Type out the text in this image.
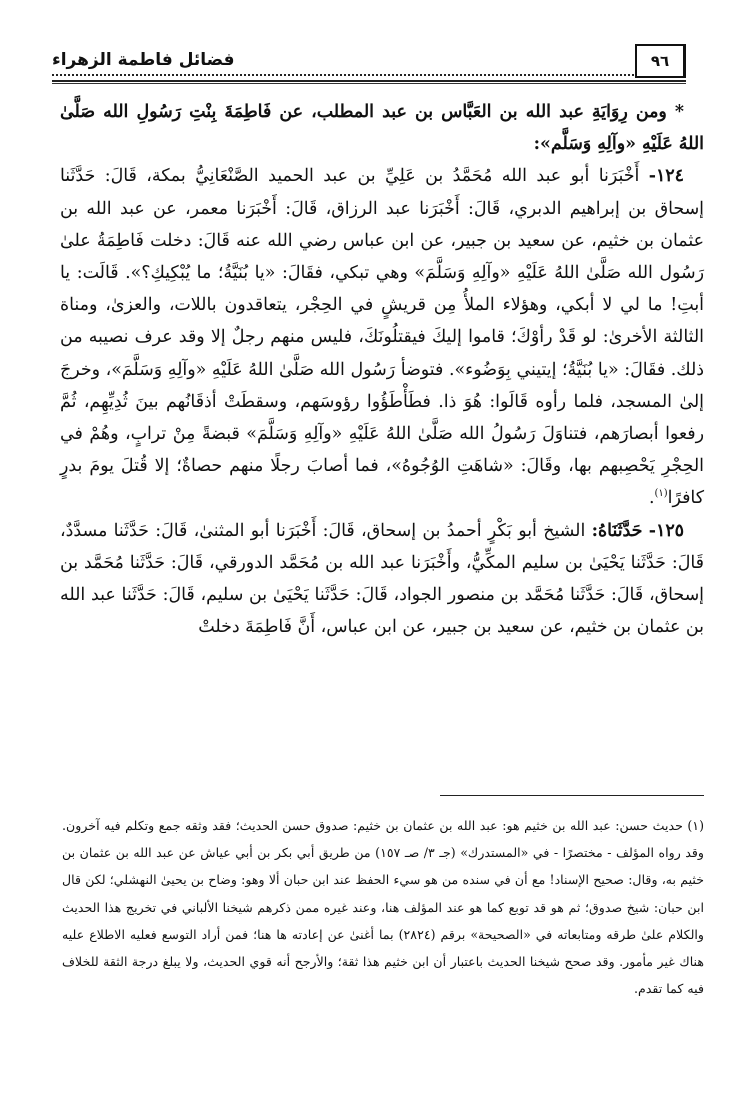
فضائل فاطمة الزهراء	٩٦

* ومن رِوَايَةِ عبد الله بن العَبَّاس بن عبد المطلب، عن فَاطِمَةَ بِنْتِ رَسُولِ الله صَلَّىٰ اللهُ عَلَيْهِ «وآلِهِ وَسَلَّم»:

١٢٤- أَخْبَرَنا أبو عبد الله مُحَمَّدُ بن عَلِيِّ بن عبد الحميد الصَّنْعَانِيُّ بمكة، قَالَ: حَدَّثَنا إسحاق بن إبراهيم الدبري، قَالَ: أَخْبَرَنا عبد الرزاق، قَالَ: أَخْبَرَنا معمر، عن عبد الله بن عثمان بن خثيم، عن سعيد بن جبير، عن ابن عباس رضي الله عنه قَالَ: دخلت فَاطِمَةُ علىٰ رَسُول الله صَلَّىٰ اللهُ عَلَيْهِ «وآلِهِ وَسَلَّمَ» وهي تبكي، فقَالَ: «يا بُنَيَّةُ؛ ما يُبْكِيكِ؟». قَالَت: يا أبتِ! ما لي لا أبكي، وهؤلاء الملأُ مِن قريشٍ في الحِجْر، يتعاقدون باللات، والعزىٰ، ومناة الثالثة الأخرىٰ: لو قَدْ رأوْكَ؛ قاموا إليكَ فيقتلُونَكَ، فليس منهم رجلٌ إلا وقد عرف نصيبه من ذلك. فقَالَ: «يا بُنَيَّةُ؛ إيتيني بِوَضُوء». فتوضأ رَسُول الله صَلَّىٰ اللهُ عَلَيْهِ «وآلِهِ وَسَلَّمَ»، وخرجَ إلىٰ المسجد، فلما رأوه قَالَوا: هُوَ ذا. فطَأْطَؤُوا رؤوسَهم، وسقطَتْ أذقَانُهم بينَ ثُدِيِّهِم، ثُمَّ رفعوا أبصارَهم، فتناوَلَ رَسُولُ الله صَلَّىٰ اللهُ عَلَيْهِ «وآلِهِ وَسَلَّمَ» قبضةً مِنْ ترابٍ، وهُمْ في الحِجْرِ يَحْصِبهم بها، وقَالَ: «شاهَتِ الوُجُوهُ»، فما أصابَ رجلًا منهم حصاةٌ؛ إلا قُتلَ يومَ بدرٍ كافرًا$^{(١)}$.

١٢٥- حَدَّثَنَاهُ: الشيخ أبو بَكْرٍ أحمدُ بن إسحاق، قَالَ: أَخْبَرَنا أبو المثنىٰ، قَالَ: حَدَّثَنا مسدَّدٌ، قَالَ: حَدَّثَنا يَحْيَىٰ بن سليم المكِّيُّ، وأَخْبَرَنا عبد الله بن مُحَمَّد الدورقي، قَالَ: حَدَّثَنا مُحَمَّد بن إسحاق، قَالَ: حَدَّثَنا مُحَمَّد بن منصور الجواد، قَالَ: حَدَّثَنا يَحْيَىٰ بن سليم، قَالَ: حَدَّثَنا عبد الله بن عثمان بن خثيم، عن سعيد بن جبير، عن ابن عباس، أَنَّ فَاطِمَةَ دخلتْ

(١) حديث حسن: عبد الله بن خثيم هو: عبد الله بن عثمان بن خثيم: صدوق حسن الحديث؛ فقد وثقه جمع وتكلم فيه آخرون. وقد رواه المؤلف - مختصرًا - في «المستدرك» (جـ ٣/ صـ ١٥٧) من طريق أبي بكر بن أبي عياش عن عبد الله بن عثمان بن خثيم به، وقال: صحيح الإسناد! مع أن في سنده من هو سيء الحفظ عند ابن حبان ألا وهو: وضاح بن يحيىٰ النهشلي؛ لكن قال ابن حبان: شيخ صدوق؛ ثم هو قد توبع كما هو عند المؤلف هنا، وعند غيره ممن ذكرهم شيخنا الألباني في تخريج هذا الحديث والكلام علىٰ طرقه ومتابعاته في «الصحيحة» برقم (٢٨٢٤) بما أغنىٰ عن إعادته ها هنا؛ فمن أراد التوسع فعليه الاطلاع عليه هناك غير مأمور. وقد صحح شيخنا الحديث باعتبار أن ابن خثيم هذا ثقة؛ والأرجح أنه قوي الحديث، ولا يبلغ درجة الثقة للخلاف فيه كما تقدم.
